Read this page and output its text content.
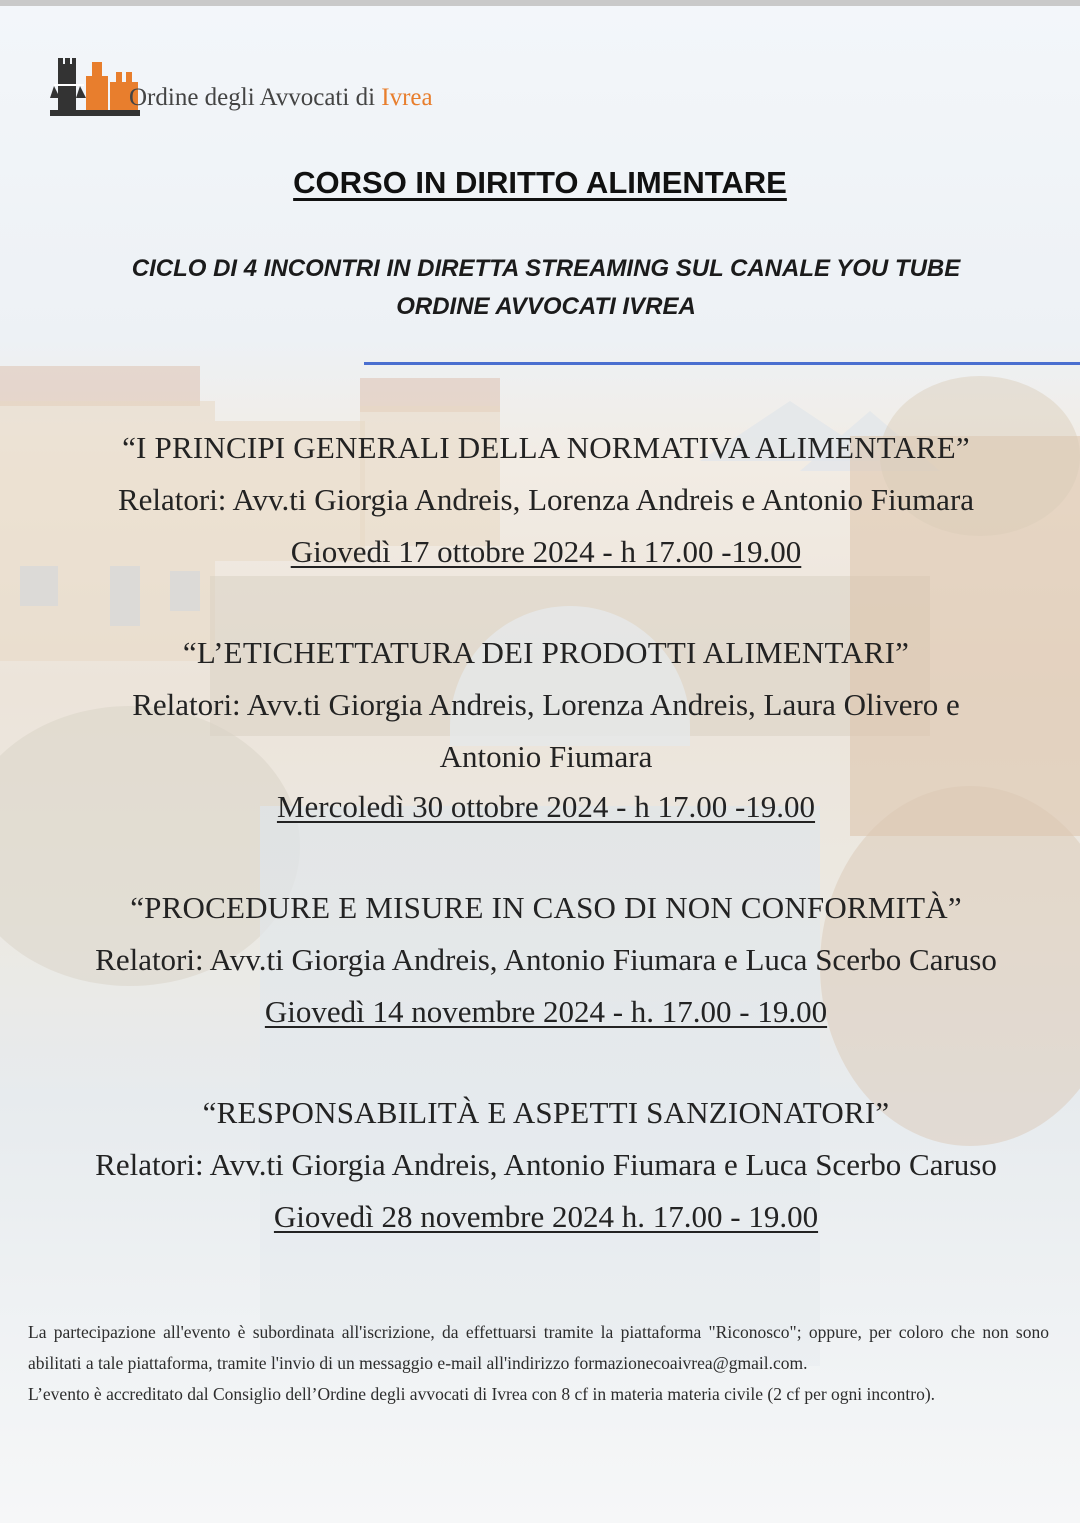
Ordine degli Avvocati di Ivrea
CORSO IN DIRITTO ALIMENTARE
CICLO DI 4 INCONTRI IN DIRETTA STREAMING SUL CANALE YOU TUBE
ORDINE AVVOCATI IVREA
“I PRINCIPI GENERALI DELLA NORMATIVA ALIMENTARE”
Relatori: Avv.ti Giorgia Andreis, Lorenza Andreis e Antonio Fiumara
Giovedì 17 ottobre 2024 - h 17.00 -19.00
“L’ETICHETTATURA DEI PRODOTTI ALIMENTARI”
Relatori: Avv.ti Giorgia Andreis, Lorenza Andreis, Laura Olivero e
Antonio Fiumara
Mercoledì 30 ottobre 2024 - h 17.00 -19.00
“PROCEDURE E MISURE IN CASO DI NON CONFORMITÀ”
Relatori: Avv.ti Giorgia Andreis, Antonio Fiumara e Luca Scerbo Caruso
Giovedì 14 novembre 2024 - h. 17.00 - 19.00
“RESPONSABILITÀ E ASPETTI SANZIONATORI”
Relatori: Avv.ti Giorgia Andreis, Antonio Fiumara e Luca Scerbo Caruso
Giovedì 28 novembre 2024 h. 17.00 - 19.00

La partecipazione all'evento è subordinata all'iscrizione, da effettuarsi tramite la piattaforma "Riconosco"; oppure, per coloro che non sono abilitati a tale piattaforma, tramite l'invio di un messaggio e-mail all'indirizzo formazionecoaivrea@gmail.com.

L’evento è accreditato dal Consiglio dell’Ordine degli avvocati di Ivrea con 8 cf in materia materia civile (2 cf per ogni incontro).
